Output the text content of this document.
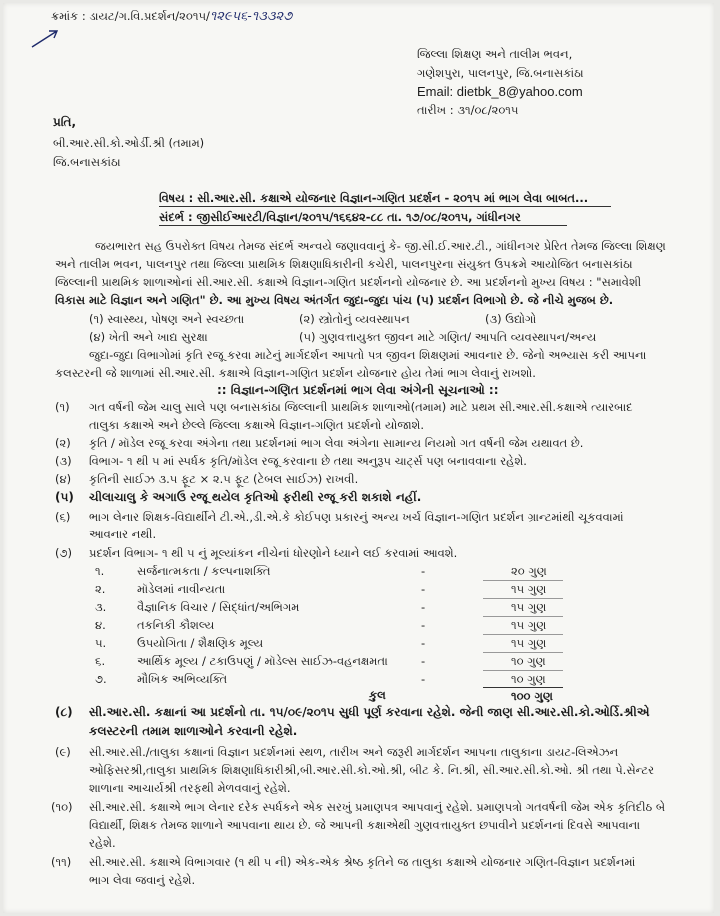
ક્રમાંક : ડાયટ/ગ.વિ.પ્રદર્શન/૨૦૧૫/૧૨૯૫૬-૧૩૩૨૭
જિલ્લા શિક્ષણ અને તાલીમ ભવન,
ગણેશપુરા, પાલનપુર, જિ.બનાસકાંઠા
Email: dietbk_8@yahoo.com
તારીખ : ૩૧/૦૮/૨૦૧૫
પ્રતિ,
બી.આર.સી.કો.ઓર્ડી.શ્રી (તમામ)
જિ.બનાસકાંઠા
વિષય : સી.આર.સી. કક્ષાએ યોજનાર વિજ્ઞાન-ગણિત પ્રદર્શન - ૨૦૧૫ માં ભાગ લેવા બાબત...
સંદર્ભ : જીસીઈઆરટી/વિજ્ઞાન/૨૦૧૫/૧૬૬૪૨-૮૮ તા. ૧૭/૦૮/૨૦૧૫, ગાંધીનગર
જયભારત સહ ઉપરોક્ત વિષય તેમજ સંદર્ભ અન્વયે જણાવવાનું કે- જી.સી.ઈ.આર.ટી., ગાંધીનગર પ્રેરિત તેમજ જિલ્લા શિક્ષણ
અને તાલીમ ભવન, પાલનપુર તથા જિલ્લા પ્રાથમિક શિક્ષણાધિકારીની કચેરી, પાલનપુરના સંયુક્ત ઉપક્રમે આયોજિત બનાસકાંઠા
જિલ્લાની પ્રાથમિક શાળાઓનાં સી.આર.સી. કક્ષાએ વિજ્ઞાન-ગણિત પ્રદર્શનનો યોજનાર છે. આ પ્રદર્શનનો મુખ્ય વિષય : "સમાવેશી
વિકાસ માટે વિજ્ઞાન અને ગણિત" છે. આ મુખ્ય વિષય અંતર્ગત જુદા-જુદા પાંચ (૫) પ્રદર્શન વિભાગો છે. જે નીચે મુજબ છે.
(૧) સ્વાસ્થ્ય, પોષણ અને સ્વચ્છતા	(૨) સ્ત્રોતોનું વ્યવસ્થાપન	(૩) ઉદ્યોગો
(૪) ખેતી અને ખાદ્ય સુરક્ષા	(૫) ગુણવત્તાયુક્ત જીવન માટે ગણિત/ આપતિ વ્યવસ્થાપન/અન્ય
જુદા-જુદા વિભાગોમાં કૃતિ રજૂ કરવા માટેનું માર્ગદર્શન આપતો પત્ર જીવન શિક્ષણમાં આવનાર છે. જેનો અભ્યાસ કરી આપના
કલસ્ટરની જે શાળામાં સી.આર.સી. કક્ષાએ વિજ્ઞાન-ગણિત પ્રદર્શન યોજનાર હોય તેમાં ભાગ લેવાનું રાખશો.
:: વિજ્ઞાન-ગણિત પ્રદર્શનમાં ભાગ લેવા અંગેની સૂચનાઓ ::
(૧) ગત વર્ષની જેમ ચાલુ સાલે પણ બનાસકાંઠા જિલ્લાની પ્રાથમિક શાળાઓ(તમામ) માટે પ્રથમ સી.આર.સી.કક્ષાએ ત્યારબાદ
તાલુકા કક્ષાએ અને છેલ્લે જિલ્લા કક્ષાએ વિજ્ઞાન-ગણિત પ્રદર્શનો યોજાશે.
(૨) કૃતિ / મૉડેલ રજૂ કરવા અંગેના તથા પ્રદર્શનમાં ભાગ લેવા અંગેના સામાન્ય નિયમો ગત વર્ષની જેમ યથાવત છે.
(૩) વિભાગ- ૧ થી ૫ માં સ્પર્ધક કૃતિ/મૉડેલ રજૂ કરવાના છે તથા અનુરૂપ ચાર્ટ્સ પણ બનાવવાના રહેશે.
(૪) કૃતિની સાઈઝ ૩.૫ ફૂટ × ૨.૫ ફૂટ (ટેબલ સાઈઝ) રાખવી.
(૫) ચીલાચાલુ કે અગાઉ રજૂ થયેલ કૃતિઓ ફરીથી રજૂ કરી શકાશે નહીં.
(૬) ભાગ લેનાર શિક્ષક-વિદ્યાર્થીને ટી.એ.,ડી.એ.કે કોઈપણ પ્રકારનું અન્ય ખર્ચ વિજ્ઞાન-ગણિત પ્રદર્શન ગ્રાન્ટમાંથી ચૂકવવામાં
આવનાર નથી.
(૭) પ્રદર્શન વિભાગ- ૧ થી ૫ નું મૂલ્યાંકન નીચેનાં ધોરણોને ધ્યાને લઈ કરવામાં આવશે.
૧.	સર્જનાત્મકતા / કલ્પનાશક્તિ	-	૨૦ ગુણ
૨.	મૉડેલમાં નાવીન્યતા	-	૧૫ ગુણ
૩.	વૈજ્ઞાનિક વિચાર / સિદ્ધાંત/અભિગમ	-	૧૫ ગુણ
૪.	તકનિકી કૌશલ્ય	-	૧૫ ગુણ
૫.	ઉપયોગિતા / શૈક્ષણિક મૂલ્ય	-	૧૫ ગુણ
૬.	આર્થિક મૂલ્ય / ટકાઉપણું / મૉડેલ્સ સાઈઝ-વહનક્ષમતા	-	૧૦ ગુણ
૭.	મૌખિક અભિવ્યક્તિ	-	૧૦ ગુણ
કુલ	૧૦૦ ગુણ
(૮) સી.આર.સી. કક્ષાનાં આ પ્રદર્શનો તા. ૧૫/૦૯/૨૦૧૫ સુધી પૂર્ણ કરવાના રહેશે. જેની જાણ સી.આર.સી.કો.ઓર્ડિ.શ્રીએ
કલસ્ટરની તમામ શાળાઓને કરવાની રહેશે.
(૯) સી.આર.સી./તાલુકા કક્ષાનાં વિજ્ઞાન પ્રદર્શનમાં સ્થળ, તારીખ અને જરૂરી માર્ગદર્શન આપના તાલુકાના ડાયટ-લિએઝન
ઓફિસરશ્રી,તાલુકા પ્રાથમિક શિક્ષણાધિકારીશ્રી,બી.આર.સી.કો.ઓ.શ્રી, બીટ કે. નિ.શ્રી, સી.આર.સી.કો.ઓ. શ્રી તથા પે.સેન્ટર
શાળાના આચાર્યશ્રી તરફથી મેળવવાનું રહેશે.
(૧૦) સી.આર.સી. કક્ષાએ ભાગ લેનાર દરેક સ્પર્ધકને એક સરખું પ્રમાણપત્ર આપવાનું રહેશે. પ્રમાણપત્રો ગતવર્ષની જેમ એક કૃતિદીઠ બે
વિદ્યાર્થી, શિક્ષક તેમજ શાળાને આપવાના થાય છે. જે આપની કક્ષાએથી ગુણવત્તાયુક્ત છપાવીને પ્રદર્શનનાં દિવસે આપવાના
રહેશે.
(૧૧) સી.આર.સી. કક્ષાએ વિભાગવાર (૧ થી ૫ ની) એક-એક શ્રેષ્ઠ કૃતિને જ તાલુકા કક્ષાએ યોજનાર ગણિત-વિજ્ઞાન પ્રદર્શનમાં
ભાગ લેવા જવાનું રહેશે.
